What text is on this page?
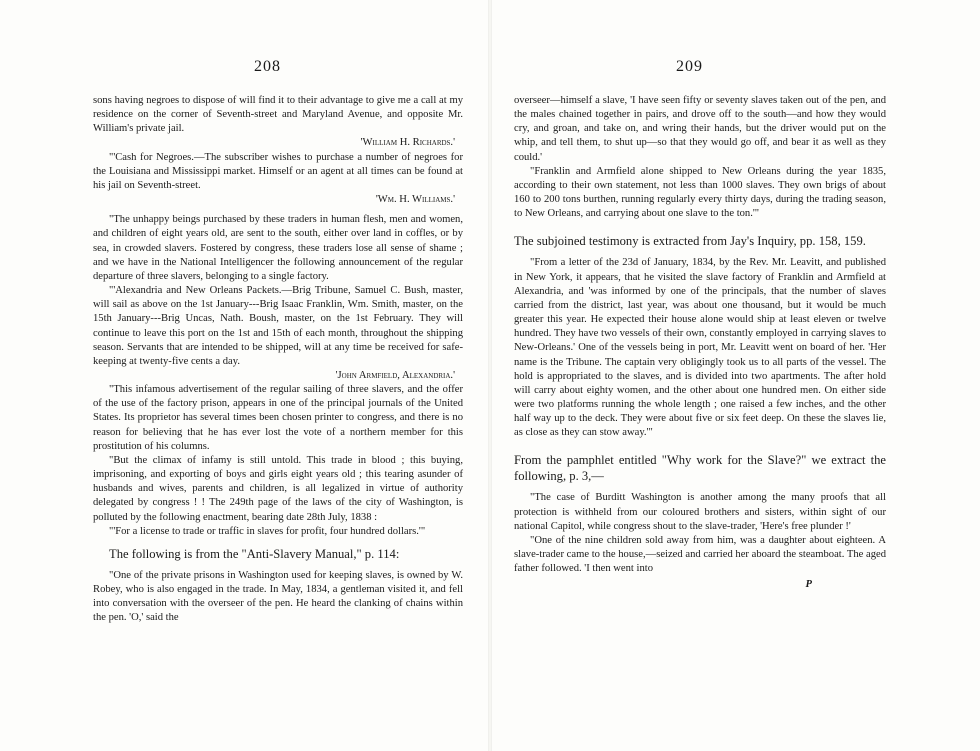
208

sons having negroes to dispose of will find it to their advantage to give me a call at my residence on the corner of Seventh-street and Maryland Avenue, and opposite Mr. William's private jail.

'William H. Richards.'

"'Cash for Negroes.—The subscriber wishes to purchase a number of negroes for the Louisiana and Mississippi market. Himself or an agent at all times can be found at his jail on Seventh-street.

'Wm. H. Williams.'

"The unhappy beings purchased by these traders in human flesh, men and women, and children of eight years old, are sent to the south, either over land in coffles, or by sea, in crowded slavers. Fostered by congress, these traders lose all sense of shame ; and we have in the National Intelligencer the following announcement of the regular departure of three slavers, belonging to a single factory.

"'Alexandria and New Orleans Packets.—Brig Tribune, Samuel C. Bush, master, will sail as above on the 1st January---Brig Isaac Franklin, Wm. Smith, master, on the 15th January---Brig Uncas, Nath. Boush, master, on the 1st February. They will continue to leave this port on the 1st and 15th of each month, throughout the shipping season. Servants that are intended to be shipped, will at any time be received for safe-keeping at twenty-five cents a day.

'John Armfield, Alexandria.'

"This infamous advertisement of the regular sailing of three slavers, and the offer of the use of the factory prison, appears in one of the principal journals of the United States. Its proprietor has several times been chosen printer to congress, and there is no reason for believing that he has ever lost the vote of a northern member for this prostitution of his columns.

"But the climax of infamy is still untold. This trade in blood ; this buying, imprisoning, and exporting of boys and girls eight years old ; this tearing asunder of husbands and wives, parents and children, is all legalized in virtue of authority delegated by congress ! ! The 249th page of the laws of the city of Washington, is polluted by the following enactment, bearing date 28th July, 1838 :

"'For a license to trade or traffic in slaves for profit, four hundred dollars.'"

The following is from the "Anti-Slavery Manual," p. 114:

"One of the private prisons in Washington used for keeping slaves, is owned by W. Robey, who is also engaged in the trade. In May, 1834, a gentleman visited it, and fell into conversation with the overseer of the pen. He heard the clanking of chains within the pen. 'O,' said the

209

overseer—himself a slave, 'I have seen fifty or seventy slaves taken out of the pen, and the males chained together in pairs, and drove off to the south—and how they would cry, and groan, and take on, and wring their hands, but the driver would put on the whip, and tell them, to shut up—so that they would go off, and bear it as well as they could.'

"Franklin and Armfield alone shipped to New Orleans during the year 1835, according to their own statement, not less than 1000 slaves. They own brigs of about 160 to 200 tons burthen, running regularly every thirty days, during the trading season, to New Orleans, and carrying about one slave to the ton.'"

The subjoined testimony is extracted from Jay's Inquiry, pp. 158, 159.

"From a letter of the 23d of January, 1834, by the Rev. Mr. Leavitt, and published in New York, it appears, that he visited the slave factory of Franklin and Armfield at Alexandria, and 'was informed by one of the principals, that the number of slaves carried from the district, last year, was about one thousand, but it would be much greater this year. He expected their house alone would ship at least eleven or twelve hundred. They have two vessels of their own, constantly employed in carrying slaves to New-Orleans.' One of the vessels being in port, Mr. Leavitt went on board of her. 'Her name is the Tribune. The captain very obligingly took us to all parts of the vessel. The hold is appropriated to the slaves, and is divided into two apartments. The after hold will carry about eighty women, and the other about one hundred men. On either side were two platforms running the whole length ; one raised a few inches, and the other half way up to the deck. They were about five or six feet deep. On these the slaves lie, as close as they can stow away.'"

From the pamphlet entitled "Why work for the Slave?" we extract the following, p. 3,—

"The case of Burditt Washington is another among the many proofs that all protection is withheld from our coloured brothers and sisters, within sight of our national Capitol, while congress shout to the slave-trader, 'Here's free plunder !'

"One of the nine children sold away from him, was a daughter about eighteen. A slave-trader came to the house,—seized and carried her aboard the steamboat. The aged father followed. 'I then went into

P
